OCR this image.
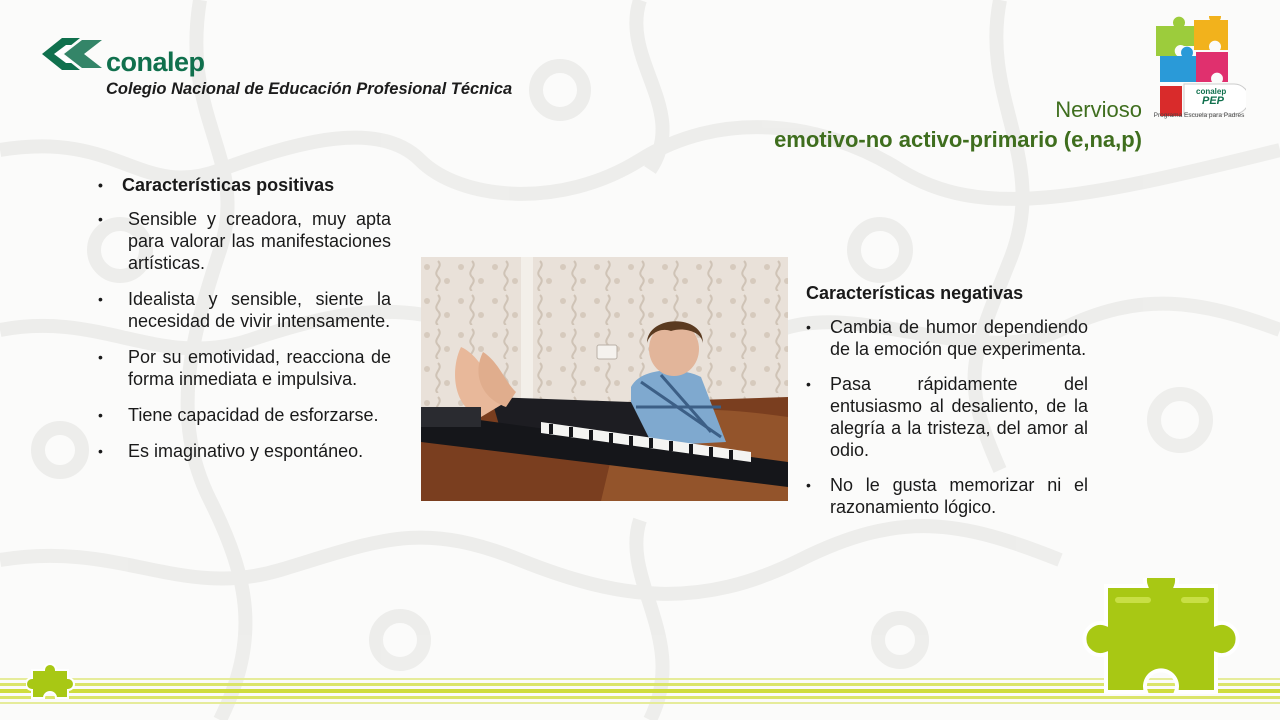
conalep
Colegio Nacional de Educación Profesional Técnica	conalep
PEP
Programa Escuela para Padres
Nervioso
emotivo-no activo-primario (e,na,p)
• Características positivas
• Sensible y creadora, muy apta para valorar las manifestaciones artísticas.
• Idealista y sensible, siente la necesidad de vivir intensamente.
• Por su emotividad, reacciona de forma inmediata e impulsiva.
• Tiene capacidad de esforzarse.
• Es imaginativo y espontáneo.
Características negativas
• Cambia de humor dependiendo de la emoción que experimenta.
• Pasa rápidamente del entusiasmo al desaliento, de la alegría a la tristeza, del amor al odio.
• No le gusta memorizar ni el razonamiento lógico.
